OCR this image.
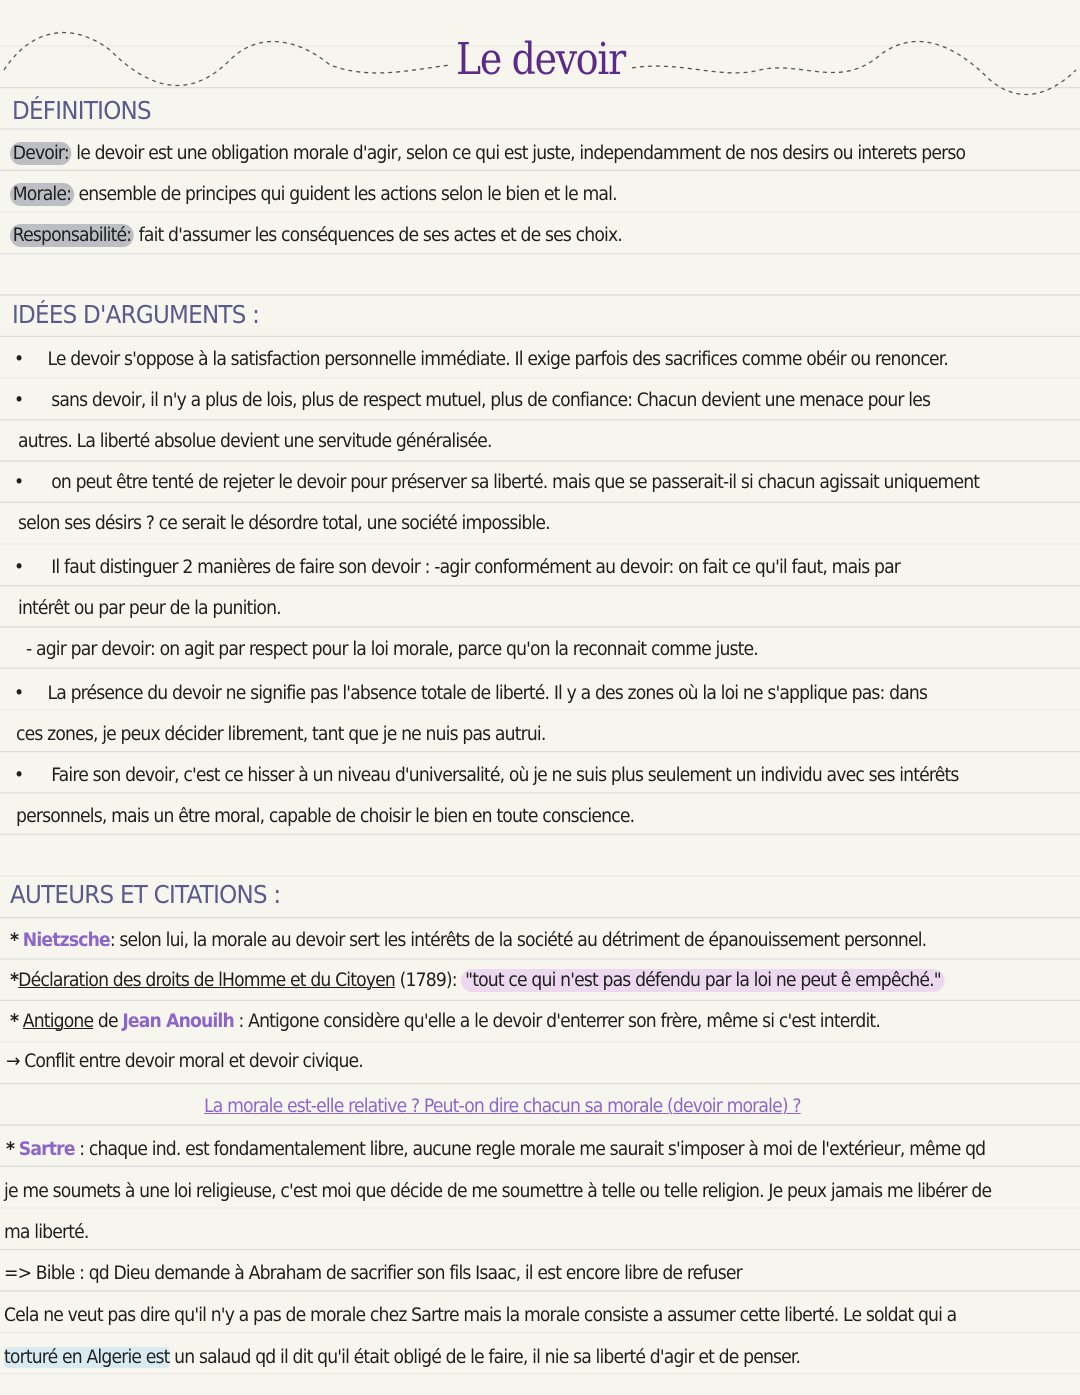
Le devoir
DÉFINITIONS
Devoir: le devoir est une obligation morale d'agir, selon ce qui est juste, independamment de nos desirs ou interets perso
Morale: ensemble de principes qui guident les actions selon le bien et le mal.
Responsabilité: fait d'assumer les conséquences de ses actes et de ses choix.
IDÉES D'ARGUMENTS :
• Le devoir s'oppose à la satisfaction personnelle immédiate. Il exige parfois des sacrifices comme obéir ou renoncer.
• sans devoir, il n'y a plus de lois, plus de respect mutuel, plus de confiance: Chacun devient une menace pour les
autres. La liberté absolue devient une servitude généralisée.
• on peut être tenté de rejeter le devoir pour préserver sa liberté. mais que se passerait-il si chacun agissait uniquement
selon ses désirs ? ce serait le désordre total, une société impossible.
• Il faut distinguer 2 manières de faire son devoir : -agir conformément au devoir: on fait ce qu'il faut, mais par
intérêt ou par peur de la punition.
- agir par devoir: on agit par respect pour la loi morale, parce qu'on la reconnait comme juste.
• La présence du devoir ne signifie pas l'absence totale de liberté. Il y a des zones où la loi ne s'applique pas: dans
ces zones, je peux décider librement, tant que je ne nuis pas autrui.
• Faire son devoir, c'est ce hisser à un niveau d'universalité, où je ne suis plus seulement un individu avec ses intérêts
personnels, mais un être moral, capable de choisir le bien en toute conscience.
AUTEURS ET CITATIONS :
* Nietzsche: selon lui, la morale au devoir sert les intérêts de la société au détriment de épanouissement personnel.
*Déclaration des droits de lHomme et du Citoyen (1789): "tout ce qui n'est pas défendu par la loi ne peut ê empêché."
* Antigone de Jean Anouilh : Antigone considère qu'elle a le devoir d'enterrer son frère, même si c'est interdit.
→ Conflit entre devoir moral et devoir civique.
La morale est-elle relative ? Peut-on dire chacun sa morale (devoir morale) ?
* Sartre : chaque ind. est fondamentalement libre, aucune regle morale me saurait s'imposer à moi de l'extérieur, même qd
je me soumets à une loi religieuse, c'est moi que décide de me soumettre à telle ou telle religion. Je peux jamais me libérer de
ma liberté.
=> Bible : qd Dieu demande à Abraham de sacrifier son fils Isaac, il est encore libre de refuser
Cela ne veut pas dire qu'il n'y a pas de morale chez Sartre mais la morale consiste a assumer cette liberté. Le soldat qui a
torturé en Algerie est un salaud qd il dit qu'il était obligé de le faire, il nie sa liberté d'agir et de penser.
